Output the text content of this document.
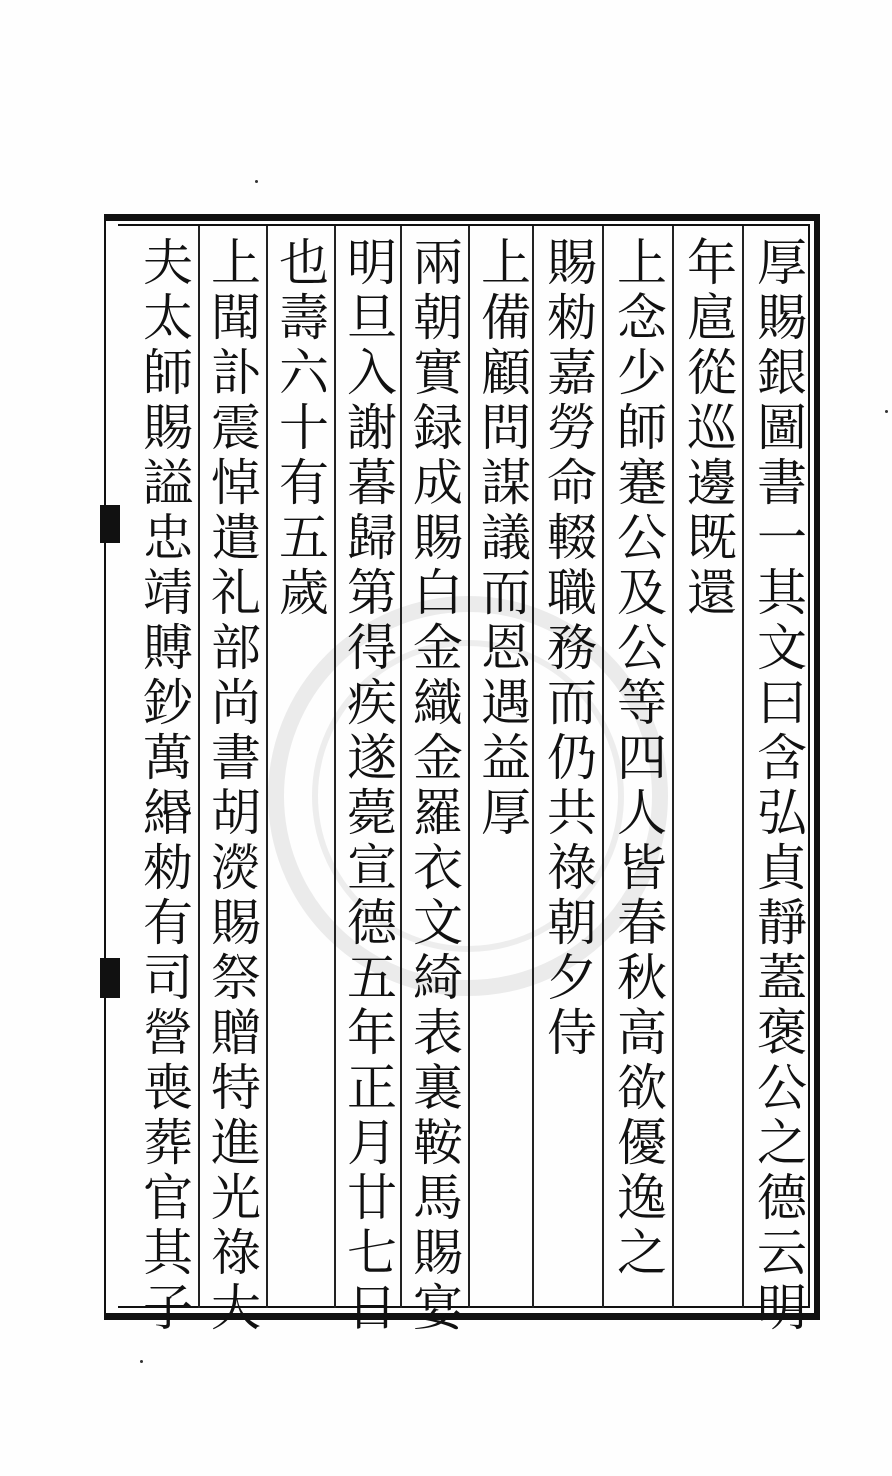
厚賜銀圖書一其文曰含弘貞靜蓋褒公之德云明
年扈從巡邊既還
上念少師蹇公及公等四人皆春秋高欲優逸之
賜勑嘉勞命輟職務而仍共祿朝夕侍
上備顧問謀議而恩遇益厚
兩朝實録成賜白金織金羅衣文綺表裏鞍馬賜宴
明旦入謝暮歸第得疾遂薨宣德五年正月廿七日
也壽六十有五歲
上聞訃震悼遣礼部尚書胡濙賜祭贈特進光祿大
夫太師賜謚忠靖賻鈔萬緡勑有司營喪葬官其子
